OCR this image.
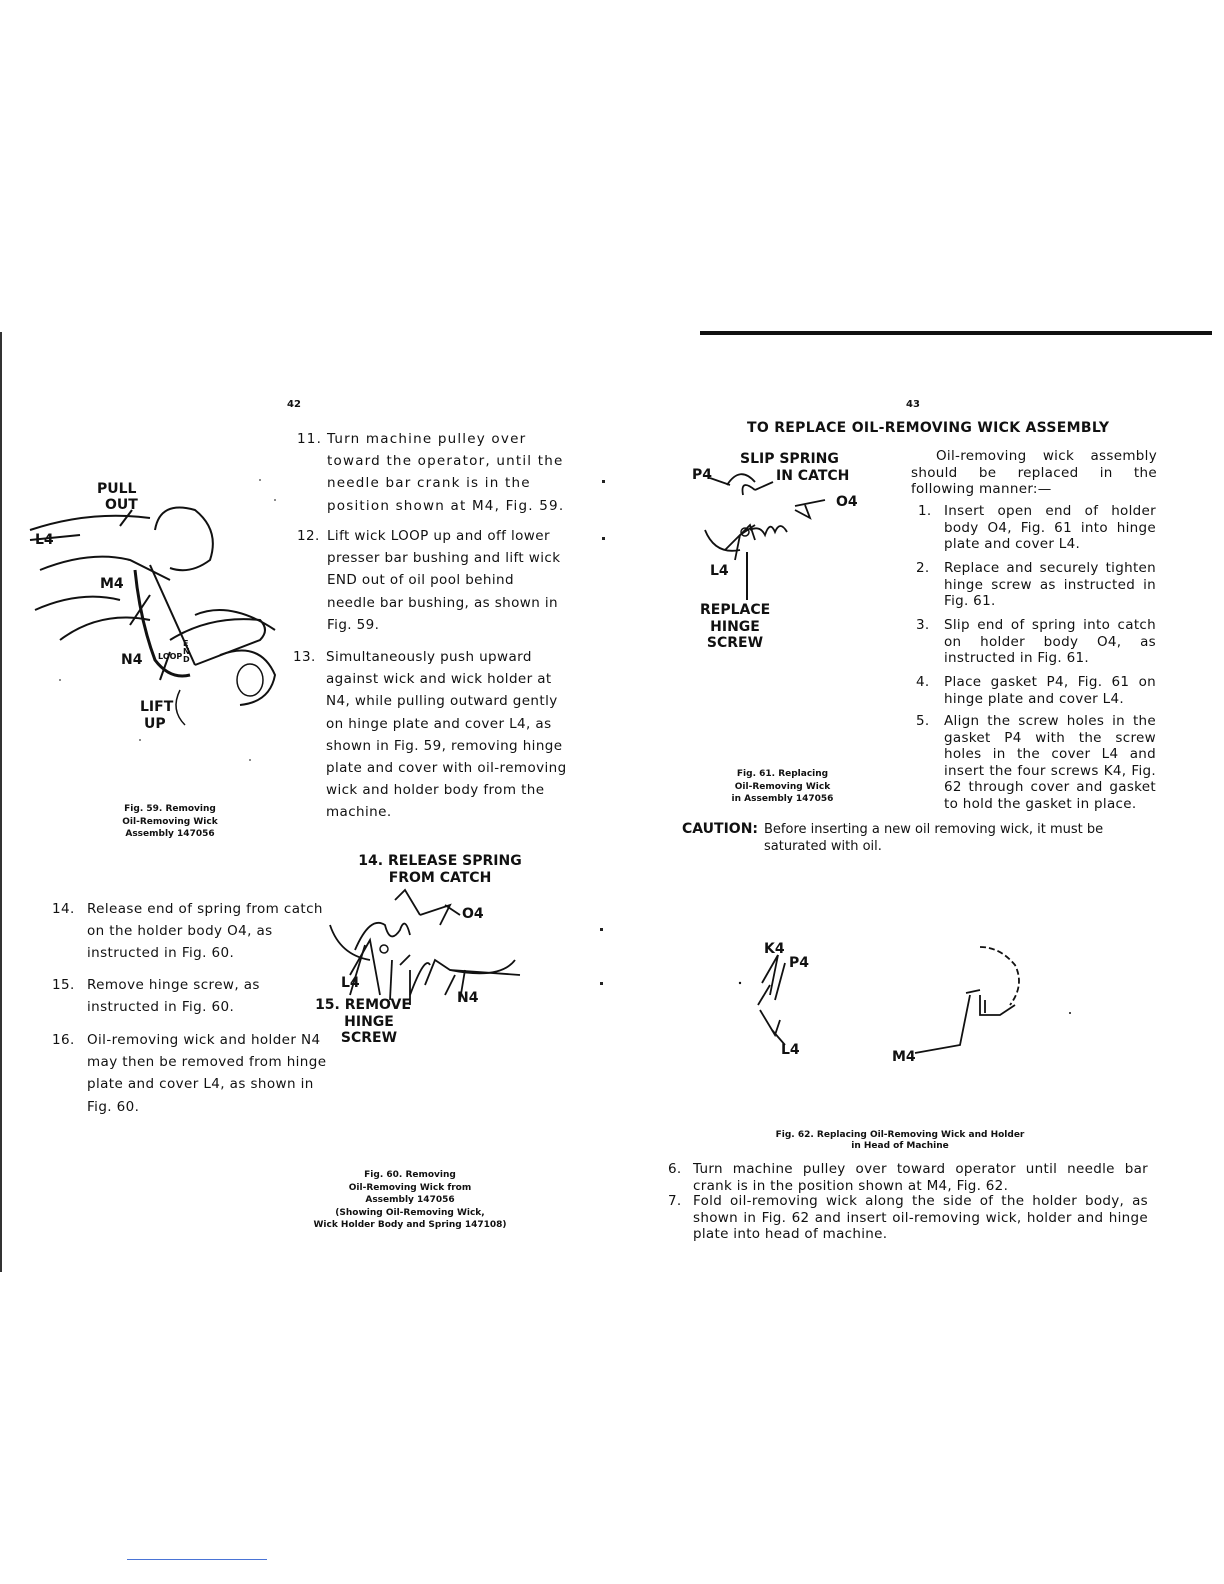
42
PULL
OUT
L4
M4
N4 LOOP
END
LIFT
UP
Fig. 59. Removing
Oil-Removing Wick
Assembly 147056
11. Turn machine pulley over toward the operator, until the needle bar crank is in the position shown at M4, Fig. 59.
12. Lift wick LOOP up and off lower presser bar bushing and lift wick END out of oil pool behind needle bar bushing, as shown in Fig. 59.
13. Simultaneously push upward against wick and wick holder at N4, while pulling outward gently on hinge plate and cover L4, as shown in Fig. 59, removing hinge plate and cover with oil-removing wick and holder body from the machine.
14. RELEASE SPRING
FROM CATCH
O4
L4
N4
15. REMOVE
HINGE
SCREW
Fig. 60. Removing
Oil-Removing Wick from
Assembly 147056
(Showing Oil-Removing Wick,
Wick Holder Body and Spring 147108)
14. Release end of spring from catch on the holder body O4, as instructed in Fig. 60.
15. Remove hinge screw, as instructed in Fig. 60.
16. Oil-removing wick and holder N4 may then be removed from hinge plate and cover L4, as shown in Fig. 60.
43
TO REPLACE OIL-REMOVING WICK ASSEMBLY
SLIP SPRING
IN CATCH
P4
O4
L4
REPLACE
HINGE
SCREW
Fig. 61. Replacing
Oil-Removing Wick
in Assembly 147056
Oil-removing wick assembly should be replaced in the following manner:—
1. Insert open end of holder body O4, Fig. 61 into hinge plate and cover L4.
2. Replace and securely tighten hinge screw as instructed in Fig. 61.
3. Slip end of spring into catch on holder body O4, as instructed in Fig. 61.
4. Place gasket P4, Fig. 61 on hinge plate and cover L4.
5. Align the screw holes in the gasket P4 with the screw holes in the cover L4 and insert the four screws K4, Fig. 62 through cover and gasket to hold the gasket in place.
CAUTION: Before inserting a new oil removing wick, it must be saturated with oil.
K4
P4
L4	M4
Fig. 62. Replacing Oil-Removing Wick and Holder
in Head of Machine
6. Turn machine pulley over toward operator until needle bar crank is in the position shown at M4, Fig. 62.
7. Fold oil-removing wick along the side of the holder body, as shown in Fig. 62 and insert oil-removing wick, holder and hinge plate into head of machine.
